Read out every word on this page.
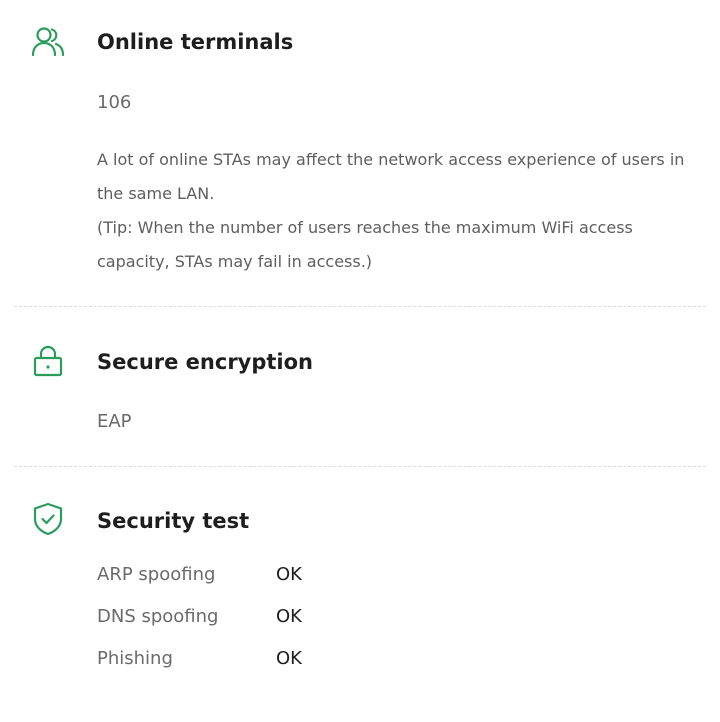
Online terminals
106

A lot of online STAs may affect the network access experience of users in the same LAN.

(Tip: When the number of users reaches the maximum WiFi access capacity, STAs may fail in access.)

Secure encryption
EAP
Security test
ARP spoofing	OK
DNS spoofing	OK
Phishing	OK
